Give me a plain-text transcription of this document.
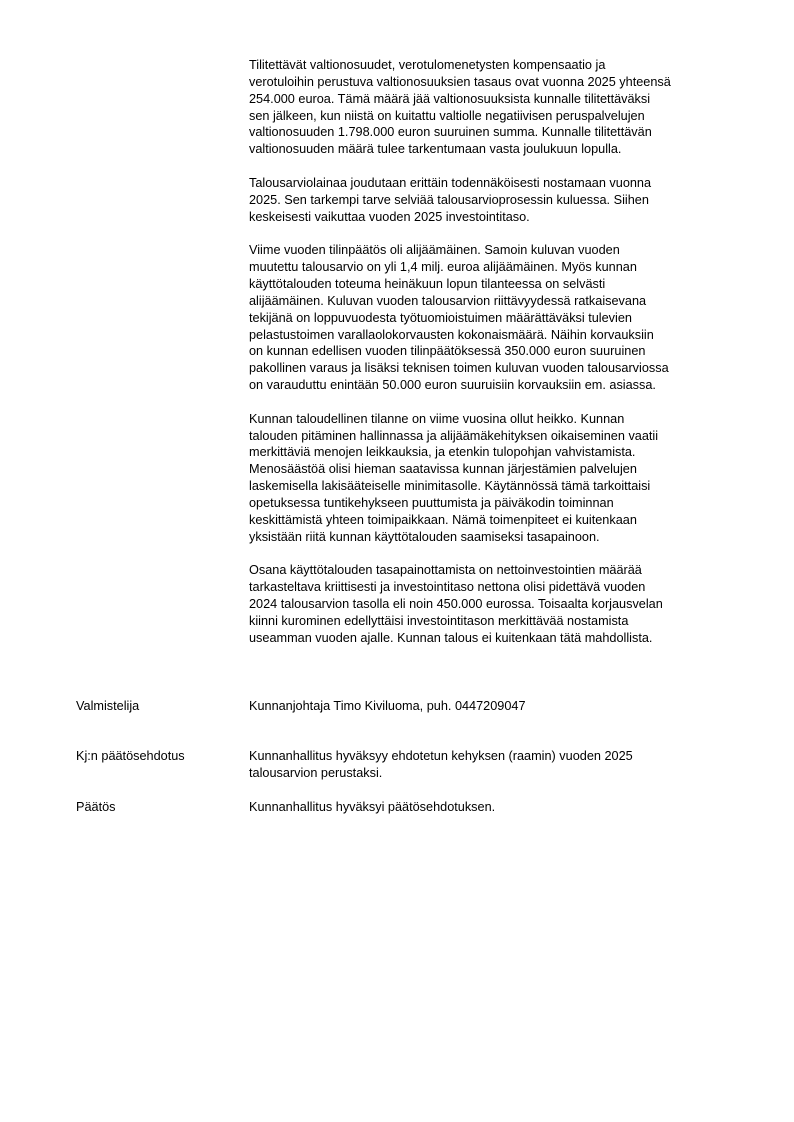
Tilitettävät valtionosuudet, verotulomenetysten kompensaatio ja
verotuloihin perustuva valtionosuuksien tasaus ovat vuonna 2025 yhteensä
254.000 euroa. Tämä määrä jää valtionosuuksista kunnalle tilitettäväksi
sen jälkeen, kun niistä on kuitattu valtiolle negatiivisen peruspalvelujen
valtionosuuden 1.798.000 euron suuruinen summa. Kunnalle tilitettävän
valtionosuuden määrä tulee tarkentumaan vasta joulukuun lopulla.

Talousarviolainaa joudutaan erittäin todennäköisesti nostamaan vuonna
2025. Sen tarkempi tarve selviää talousarvioprosessin kuluessa. Siihen
keskeisesti vaikuttaa vuoden 2025 investointitaso.

Viime vuoden tilinpäätös oli alijäämäinen. Samoin kuluvan vuoden
muutettu talousarvio on yli 1,4 milj. euroa alijäämäinen. Myös kunnan
käyttötalouden toteuma heinäkuun lopun tilanteessa on selvästi
alijäämäinen. Kuluvan vuoden talousarvion riittävyydessä ratkaisevana
tekijänä on loppuvuodesta työtuomioistuimen määrättäväksi tulevien
pelastustoimen varallaolokorvausten kokonaismäärä. Näihin korvauksiin
on kunnan edellisen vuoden tilinpäätöksessä 350.000 euron suuruinen
pakollinen varaus ja lisäksi teknisen toimen kuluvan vuoden talousarviossa
on varauduttu enintään 50.000 euron suuruisiin korvauksiin em. asiassa.

Kunnan taloudellinen tilanne on viime vuosina ollut heikko. Kunnan
talouden pitäminen hallinnassa ja alijäämäkehityksen oikaiseminen vaatii
merkittäviä menojen leikkauksia, ja etenkin tulopohjan vahvistamista.
Menosäästöä olisi hieman saatavissa kunnan järjestämien palvelujen
laskemisella lakisääteiselle minimitasolle. Käytännössä tämä tarkoittaisi
opetuksessa tuntikehykseen puuttumista ja päiväkodin toiminnan
keskittämistä yhteen toimipaikkaan. Nämä toimenpiteet ei kuitenkaan
yksistään riitä kunnan käyttötalouden saamiseksi tasapainoon.

Osana käyttötalouden tasapainottamista on nettoinvestointien määrää
tarkasteltava kriittisesti ja investointitaso nettona olisi pidettävä vuoden
2024 talousarvion tasolla eli noin 450.000 eurossa. Toisaalta korjausvelan
kiinni kurominen edellyttäisi investointitason merkittävää nostamista
useamman vuoden ajalle. Kunnan talous ei kuitenkaan tätä mahdollista.

Valmistelija	Kunnanjohtaja Timo Kiviluoma, puh. 0447209047
Kj:n päätösehdotus	Kunnanhallitus hyväksyy ehdotetun kehyksen (raamin) vuoden 2025
talousarvion perustaksi.
Päätös	Kunnanhallitus hyväksyi päätösehdotuksen.
